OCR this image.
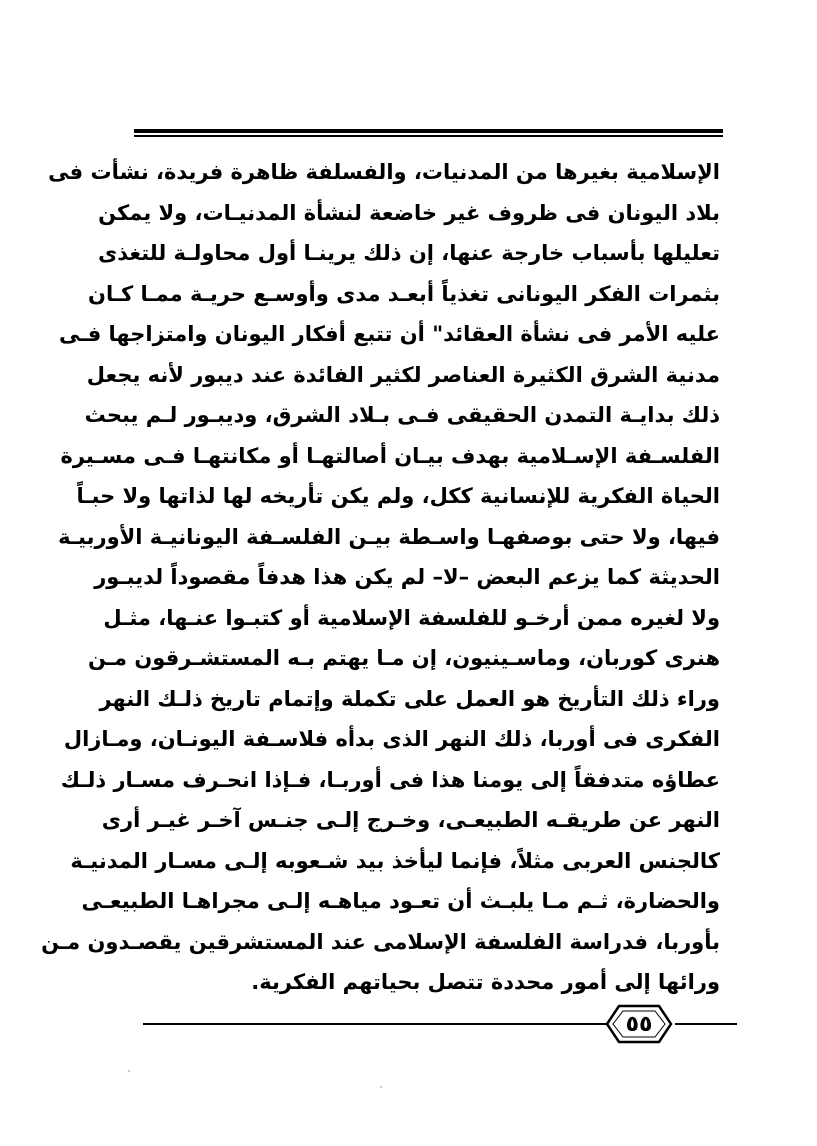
الإسلامية بغيرها من المدنيات، والفسلفة ظاهرة فريدة، نشأت فى
بلاد اليونان فى ظروف غير خاضعة لنشأة المدنيـات، ولا يمكن
تعليلها بأسباب خارجة عنها، إن ذلك يرينـا أول محاولـة للتغذى
بثمرات الفكر اليونانى تغذياً أبعـد مدى وأوسـع حريـة ممـا كـان
عليه الأمر فى نشأة العقائد" أن تتبع أفكار اليونان وامتزاجها فـى
مدنية الشرق الكثيرة العناصر لكثير الفائدة عند ديبور لأنه يجعل
ذلك بدايـة التمدن الحقيقى فـى بـلاد الشرق، وديبـور لـم يبحث
الفلسـفة الإسـلامية بهدف بيـان أصالتهـا أو مكانتهـا فـى مسـيرة
الحياة الفكرية للإنسانية ككل، ولم يكن تأريخه لها لذاتها ولا حبـاً
فيها، ولا حتى بوصفهـا واسـطة بيـن الفلسـفة اليونانيـة الأوربيـة
الحديثة كما يزعم البعض –لا– لم يكن هذا هدفاً مقصوداً لديبـور
ولا لغيره ممن أرخـو للفلسفة الإسلامية أو كتبـوا عنـها، مثـل
هنرى كوربان، وماسـينيون، إن مـا يهتم بـه المستشـرقون مـن
وراء ذلك التأريخ هو العمل على تكملة وإتمام تاريخ ذلـك النهر
الفكرى فى أوربا، ذلك النهر الذى بدأه فلاسـفة اليونـان، ومـازال
عطاؤه متدفقاً إلى يومنا هذا فى أوربـا، فـإذا انحـرف مسـار ذلـك
النهر عن طريقـه الطبيعـى، وخـرج إلـى جنـس آخـر غيـر أرى
كالجنس العربى مثلاً، فإنما ليأخذ بيد شـعوبه إلـى مسـار المدنيـة
والحضارة، ثـم مـا يلبـث أن تعـود مياهـه إلـى مجراهـا الطبيعـى
بأوربا، فدراسة الفلسفة الإسلامى عند المستشرقين يقصـدون مـن
ورائها إلى أمور محددة تتصل بحياتهم الفكرية.
٥٥
